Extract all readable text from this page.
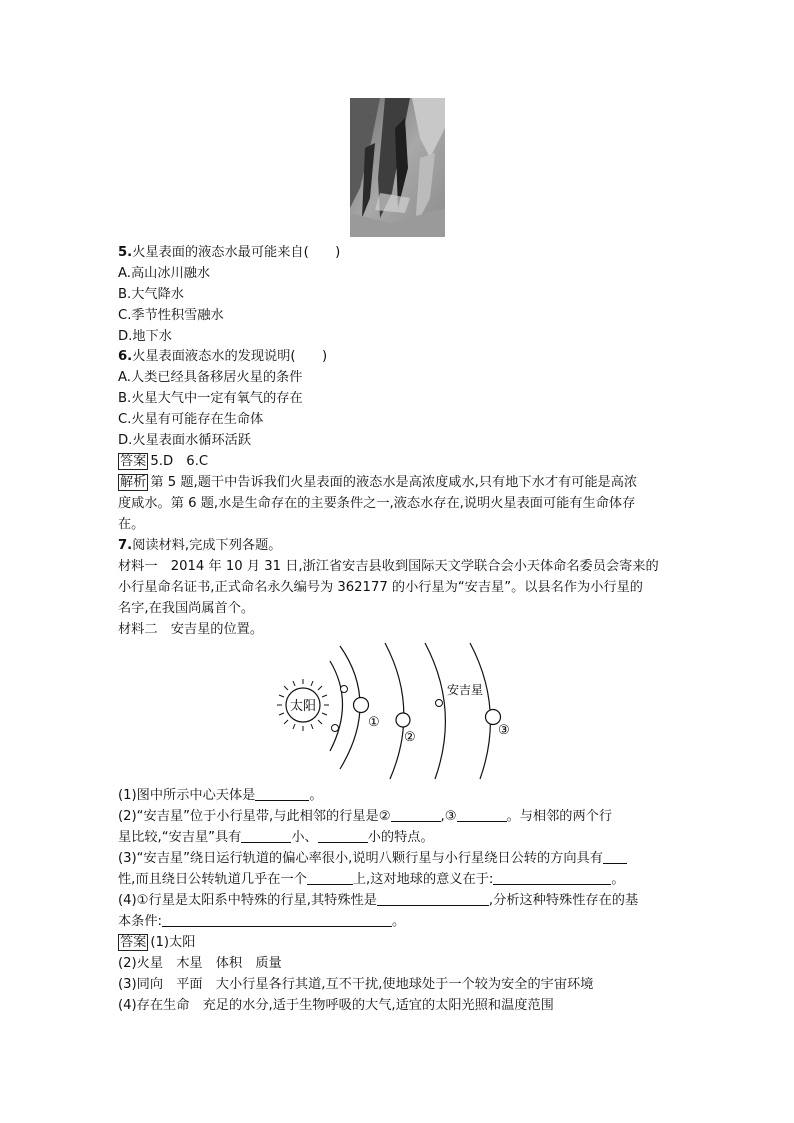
5.火星表面的液态水最可能来自(　　)
A.高山冰川融水
B.大气降水
C.季节性积雪融水
D.地下水
6.火星表面液态水的发现说明(　　)
A.人类已经具备移居火星的条件
B.火星大气中一定有氧气的存在
C.火星有可能存在生命体
D.火星表面水循环活跃
答案 5.D　6.C
解析 第 5 题,题干中告诉我们火星表面的液态水是高浓度咸水,只有地下水才有可能是高浓
度咸水。第 6 题,水是生命存在的主要条件之一,液态水存在,说明火星表面可能有生命体存
在。
7.阅读材料,完成下列各题。
材料一　2014 年 10 月 31 日,浙江省安吉县收到国际天文学联合会小天体命名委员会寄来的
小行星命名证书,正式命名永久编号为 362177 的小行星为“安吉星”。以县名作为小行星的
名字,在我国尚属首个。
材料二　安吉星的位置。
太阳
①
②
安吉星
③
(1)图中所示中心天体是	。
(2)“安吉星”位于小行星带,与此相邻的行星是②	,③	。与相邻的两个行
星比较,“安吉星”具有	小、	小的特点。
(3)“安吉星”绕日运行轨道的偏心率很小,说明八颗行星与小行星绕日公转的方向具有
性,而且绕日公转轨道几乎在一个	上,这对地球的意义在于:	。
(4)①行星是太阳系中特殊的行星,其特殊性是	,分析这种特殊性存在的基
本条件:	。
答案 (1)太阳
(2)火星　木星　体积　质量
(3)同向　平面　大小行星各行其道,互不干扰,使地球处于一个较为安全的宇宙环境
(4)存在生命　充足的水分,适于生物呼吸的大气,适宜的太阳光照和温度范围
